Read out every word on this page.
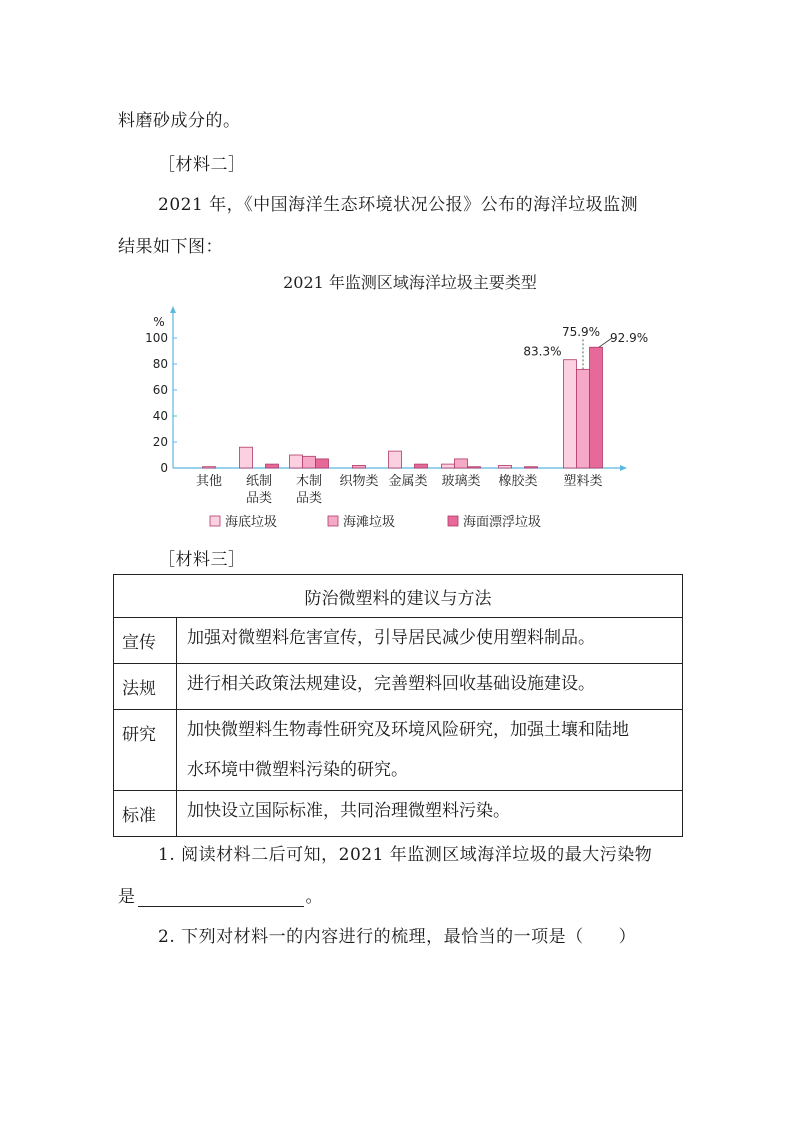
料磨砂成分的。
［材料二］
2021 年，《中国海洋生态环境状况公报》公布的海洋垃圾监测
结果如下图：
2021 年监测区域海洋垃圾主要类型
%
0
20
40
60
80
100
其他 纸制
品类
木制
品类
织物类 金属类 玻璃类 橡胶类 塑料类
83.3%
75.9% 92.9%
海底垃圾	海滩垃圾	海面漂浮垃圾
［材料三］
防治微塑料的建议与方法	
宣传	加强对微塑料危害宣传，引导居民减少使用塑料制品。

法规	进行相关政策法规建设，完善塑料回收基础设施建设。

研究	加快微塑料生物毒性研究及环境风险研究，加强土壤和陆地
水环境中微塑料污染的研究。

标准	加快设立国际标准，共同治理微塑料污染。
1. 阅读材料二后可知，2021 年监测区域海洋垃圾的最大污染物
是	。
2. 下列对材料一的内容进行的梳理，最恰当的一项是（　　）
